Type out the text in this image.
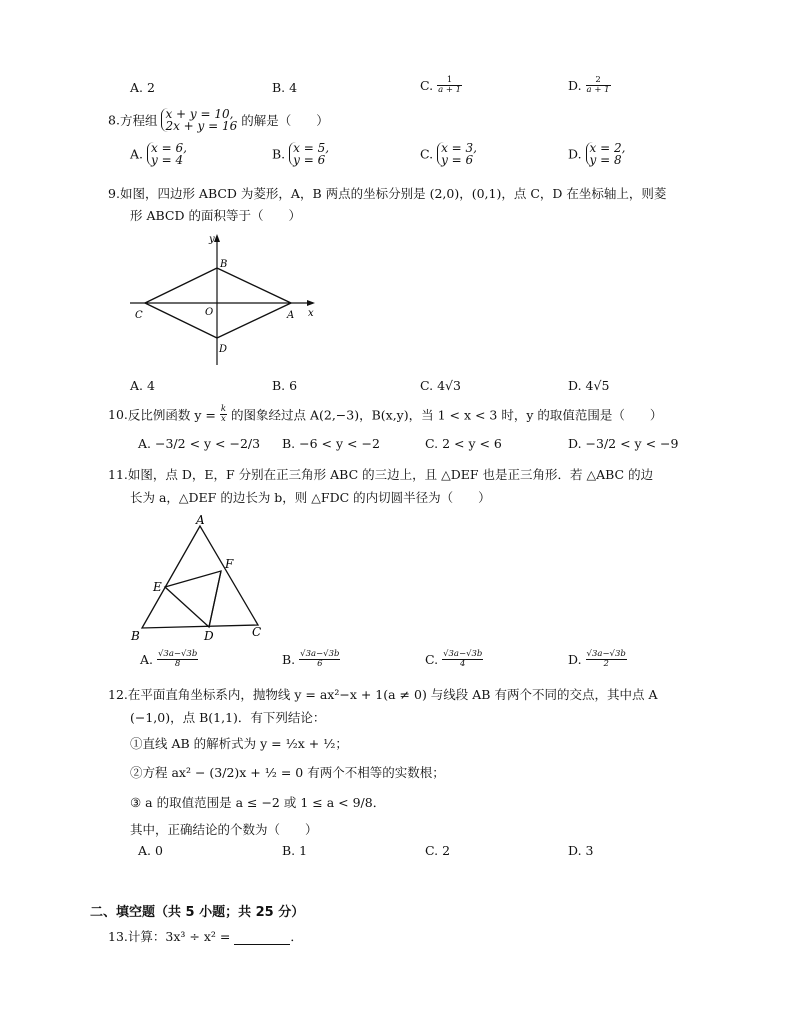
A. 2	B. 4	C. $\frac{1}{a + 1}$	D. $\frac{2}{a + 1}$
8.方程组 x + y = 10,
2x + y = 16 的解是（　　）
A. x = 6,
y = 4	B. x = 5,
y = 6	C. x = 3,
y = 6	D. x = 2,
y = 8
9.如图，四边形 ABCD 为菱形，A，B 两点的坐标分别是 (2,0)，(0,1)，点 C，D 在坐标轴上，则菱
形 ABCD 的面积等于（　　）
y
x
B
C	O	A
D
A. 4	B. 6	C. 4√3	D. 4√5
10.反比例函数 $y = \frac{k}{x}$ 的图象经过点 A(2,−3)，B(x,y)，当 1 < x < 3 时，y 的取值范围是（　　）
A. −3/2 < y < −2/3 B. −6 < y < −2	C. 2 < y < 6	D. −3/2 < y < −9
11.如图，点 D，E，F 分别在正三角形 ABC 的三边上，且 △DEF 也是正三角形．若 △ABC 的边
长为 a，△DEF 的边长为 b，则 △FDC 的内切圆半径为（　　）
A
B	C
D
E
F
A. $\frac{√3a-√3b}{8}$	B. $\frac{√3a-√3b}{6}$	C. $\frac{√3a-√3b}{4}$	D. $\frac{√3a-√3b}{2}$
12.在平面直角坐标系内，抛物线 y = ax²−x + 1(a ≠ 0) 与线段 AB 有两个不同的交点，其中点 A
(−1,0)，点 B(1,1)．有下列结论：
①直线 AB 的解析式为 y = ½x + ½；
②方程 ax² − (3/2)x + ½ = 0 有两个不相等的实数根；
③ a 的取值范围是 a ≤ −2 或 1 ≤ a < 9/8．
其中，正确结论的个数为（　　）
A. 0	B. 1	C. 2	D. 3
二、填空题（共 5 小题；共 25 分）
13.计算：3x³ ÷ x² =	．
